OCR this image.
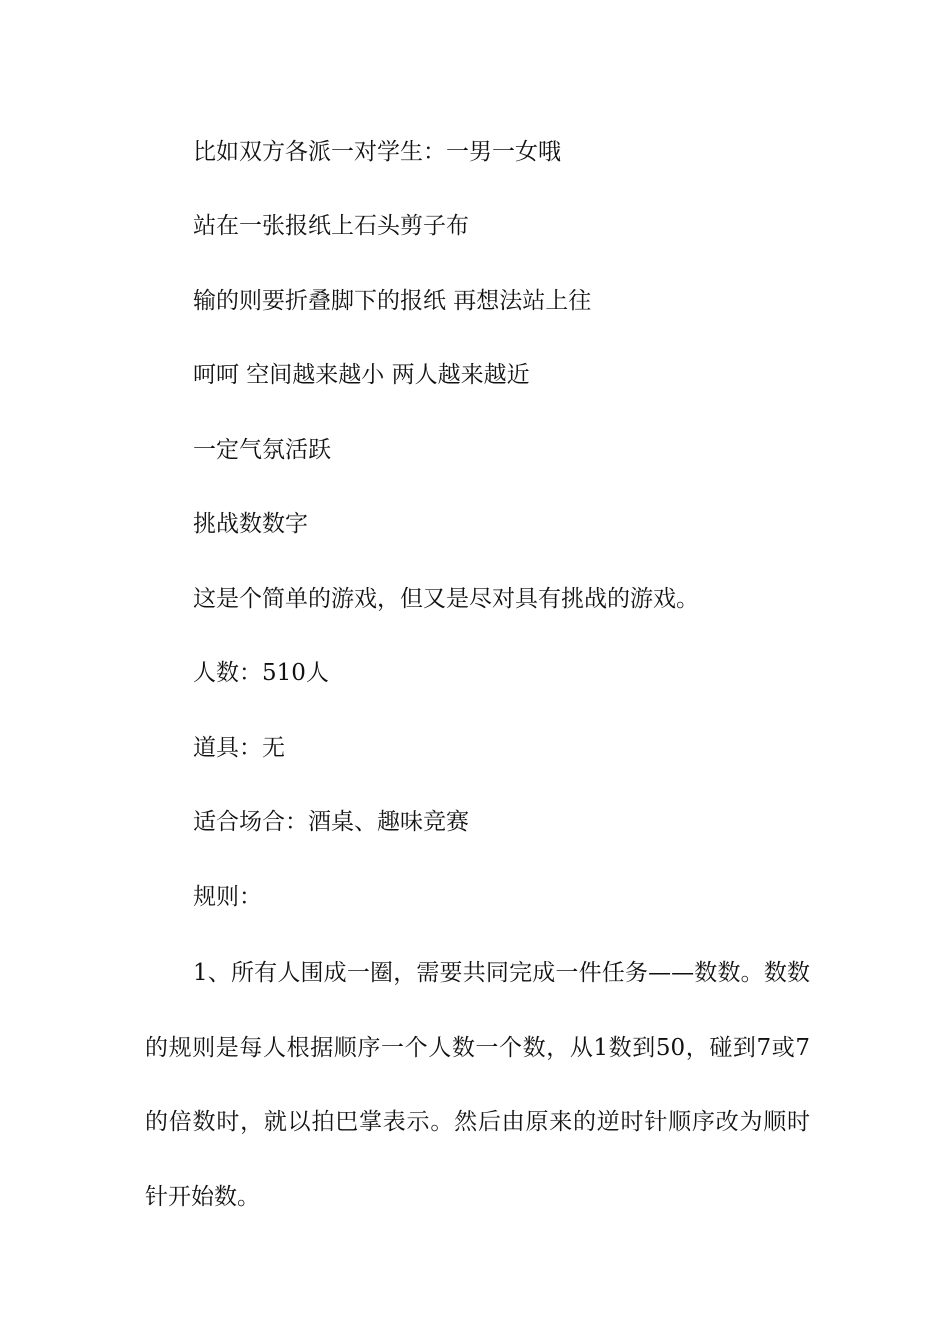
比如双方各派一对学生：一男一女哦
站在一张报纸上石头剪子布
输的则要折叠脚下的报纸 再想法站上往
呵呵 空间越来越小 两人越来越近
一定气氛活跃
挑战数数字
这是个简单的游戏，但又是尽对具有挑战的游戏。
人数：510人
道具：无
适合场合：酒桌、趣味竞赛
规则：

1、所有人围成一圈，需要共同完成一件任务——数数。数数的规则是每人根据顺序一个人数一个数，从1数到50，碰到7或7的倍数时，就以拍巴掌表示。然后由原来的逆时针顺序改为顺时针开始数。
